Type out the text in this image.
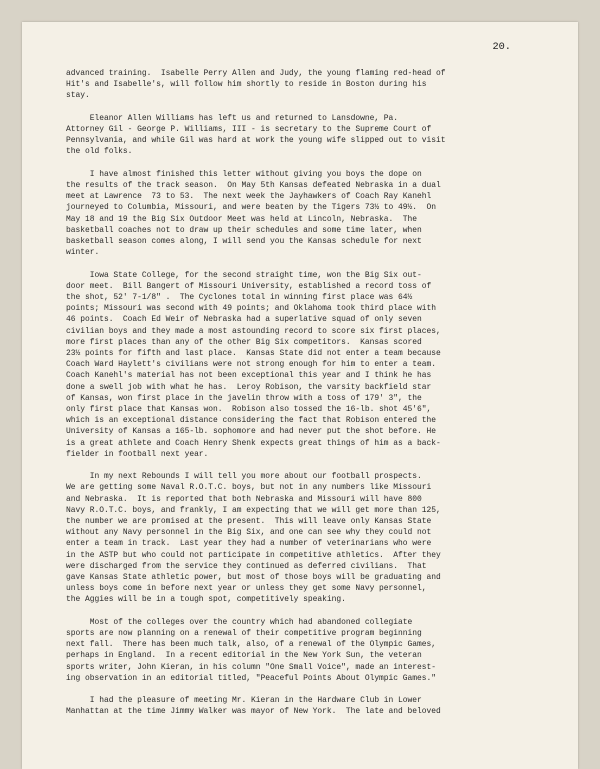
20.
advanced training.  Isabelle Perry Allen and Judy, the young flaming red-head of
Hit's and Isabelle's, will follow him shortly to reside in Boston during his
stay.
Eleanor Allen Williams has left us and returned to Lansdowne, Pa.
Attorney Gil - George P. Williams, III - is secretary to the Supreme Court of
Pennsylvania, and while Gil was hard at work the young wife slipped out to visit
the old folks.
I have almost finished this letter without giving you boys the dope on
the results of the track season.  On May 5th Kansas defeated Nebraska in a dual
meet at Lawrence  73 to 53.  The next week the Jayhawkers of Coach Ray Kanehl
journeyed to Columbia, Missouri, and were beaten by the Tigers 73½ to 49½.  On
May 18 and 19 the Big Six Outdoor Meet was held at Lincoln, Nebraska.  The
basketball coaches not to draw up their schedules and some time later, when
basketball season comes along, I will send you the Kansas schedule for next
winter.
Iowa State College, for the second straight time, won the Big Six out-
door meet.  Bill Bangert of Missouri University, established a record toss of
the shot, 52' 7-1/8" .  The Cyclones total in winning first place was 64½
points; Missouri was second with 49 points; and Oklahoma took third place with
46 points.  Coach Ed Weir of Nebraska had a superlative squad of only seven
civilian boys and they made a most astounding record to score six first places,
more first places than any of the other Big Six competitors.  Kansas scored
23½ points for fifth and last place.  Kansas State did not enter a team because
Coach Ward Haylett's civilians were not strong enough for him to enter a team.
Coach Kanehl's material has not been exceptional this year and I think he has
done a swell job with what he has.  Leroy Robison, the varsity backfield star
of Kansas, won first place in the javelin throw with a toss of 179' 3", the
only first place that Kansas won.  Robison also tossed the 16-lb. shot 45'6",
which is an exceptional distance considering the fact that Robison entered the
University of Kansas a 165-lb. sophomore and had never put the shot before. He
is a great athlete and Coach Henry Shenk expects great things of him as a back-
fielder in football next year.
In my next Rebounds I will tell you more about our football prospects.
We are getting some Naval R.O.T.C. boys, but not in any numbers like Missouri
and Nebraska.  It is reported that both Nebraska and Missouri will have 800
Navy R.O.T.C. boys, and frankly, I am expecting that we will get more than 125,
the number we are promised at the present.  This will leave only Kansas State
without any Navy personnel in the Big Six, and one can see why they could not
enter a team in track.  Last year they had a number of veterinarians who were
in the ASTP but who could not participate in competitive athletics.  After they
were discharged from the service they continued as deferred civilians.  That
gave Kansas State athletic power, but most of those boys will be graduating and
unless boys come in before next year or unless they get some Navy personnel,
the Aggies will be in a tough spot, competitively speaking.
Most of the colleges over the country which had abandoned collegiate
sports are now planning on a renewal of their competitive program beginning
next fall.  There has been much talk, also, of a renewal of the Olympic Games,
perhaps in England.  In a recent editorial in the New York Sun, the veteran
sports writer, John Kieran, in his column "One Small Voice", made an interest-
ing observation in an editorial titled, "Peaceful Points About Olympic Games."
I had the pleasure of meeting Mr. Kieran in the Hardware Club in Lower
Manhattan at the time Jimmy Walker was mayor of New York.  The late and beloved
